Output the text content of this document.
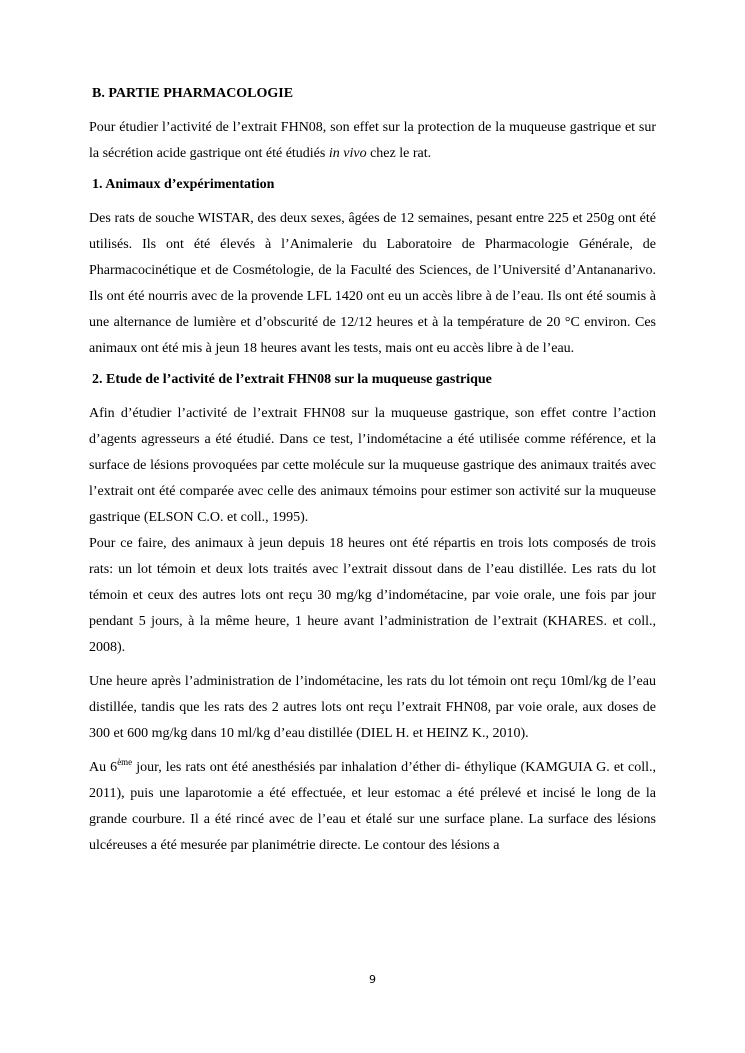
B. PARTIE PHARMACOLOGIE
Pour étudier l’activité de l’extrait FHN08, son effet sur la protection de la muqueuse gastrique et sur la sécrétion acide gastrique ont été étudiés in vivo chez le rat.
1. Animaux d’expérimentation
Des rats de souche WISTAR, des deux sexes, âgées de 12 semaines, pesant entre 225 et 250g ont été utilisés. Ils ont été élevés à l’Animalerie du Laboratoire de Pharmacologie Générale, de Pharmacocinétique et de Cosmétologie, de la Faculté des Sciences, de l’Université d’Antananarivo. Ils ont été nourris avec de la provende LFL 1420 ont eu un accès libre à de l’eau. Ils ont été soumis à une alternance de lumière et d’obscurité de 12/12 heures et à la température de 20 °C environ. Ces animaux ont été mis à jeun 18 heures avant les tests, mais ont eu accès libre à de l’eau.
2. Etude de l’activité de l’extrait FHN08 sur la muqueuse gastrique
Afin d’étudier l’activité de l’extrait FHN08 sur la muqueuse gastrique, son effet contre l’action d’agents agresseurs a été étudié. Dans ce test, l’indométacine a été utilisée comme référence, et la surface de lésions provoquées par cette molécule sur la muqueuse gastrique des animaux traités avec l’extrait ont été comparée avec celle des animaux témoins pour estimer son activité sur la muqueuse gastrique (ELSON C.O. et coll., 1995).
Pour ce faire, des animaux à jeun depuis 18 heures ont été répartis en trois lots composés de trois rats: un lot témoin et deux lots traités avec l’extrait dissout dans de l’eau distillée. Les rats du lot témoin et ceux des autres lots ont reçu 30 mg/kg d’indométacine, par voie orale, une fois par jour pendant 5 jours, à la même heure, 1 heure avant l’administration de l’extrait (KHARES. et coll., 2008).
Une heure après l’administration de l’indométacine, les rats du lot témoin ont reçu 10ml/kg de l’eau distillée, tandis que les rats des 2 autres lots ont reçu l’extrait FHN08, par voie orale, aux doses de 300 et 600 mg/kg dans 10 ml/kg d’eau distillée (DIEL H. et HEINZ K., 2010).
Au 6ème jour, les rats ont été anesthésiés par inhalation d’éther di- éthylique (KAMGUIA G. et coll., 2011), puis une laparotomie a été effectuée, et leur estomac a été prélevé et incisé le long de la grande courbure. Il a été rincé avec de l’eau et étalé sur une surface plane. La surface des lésions ulcéreuses a été mesurée par planimétrie directe. Le contour des lésions a
9
